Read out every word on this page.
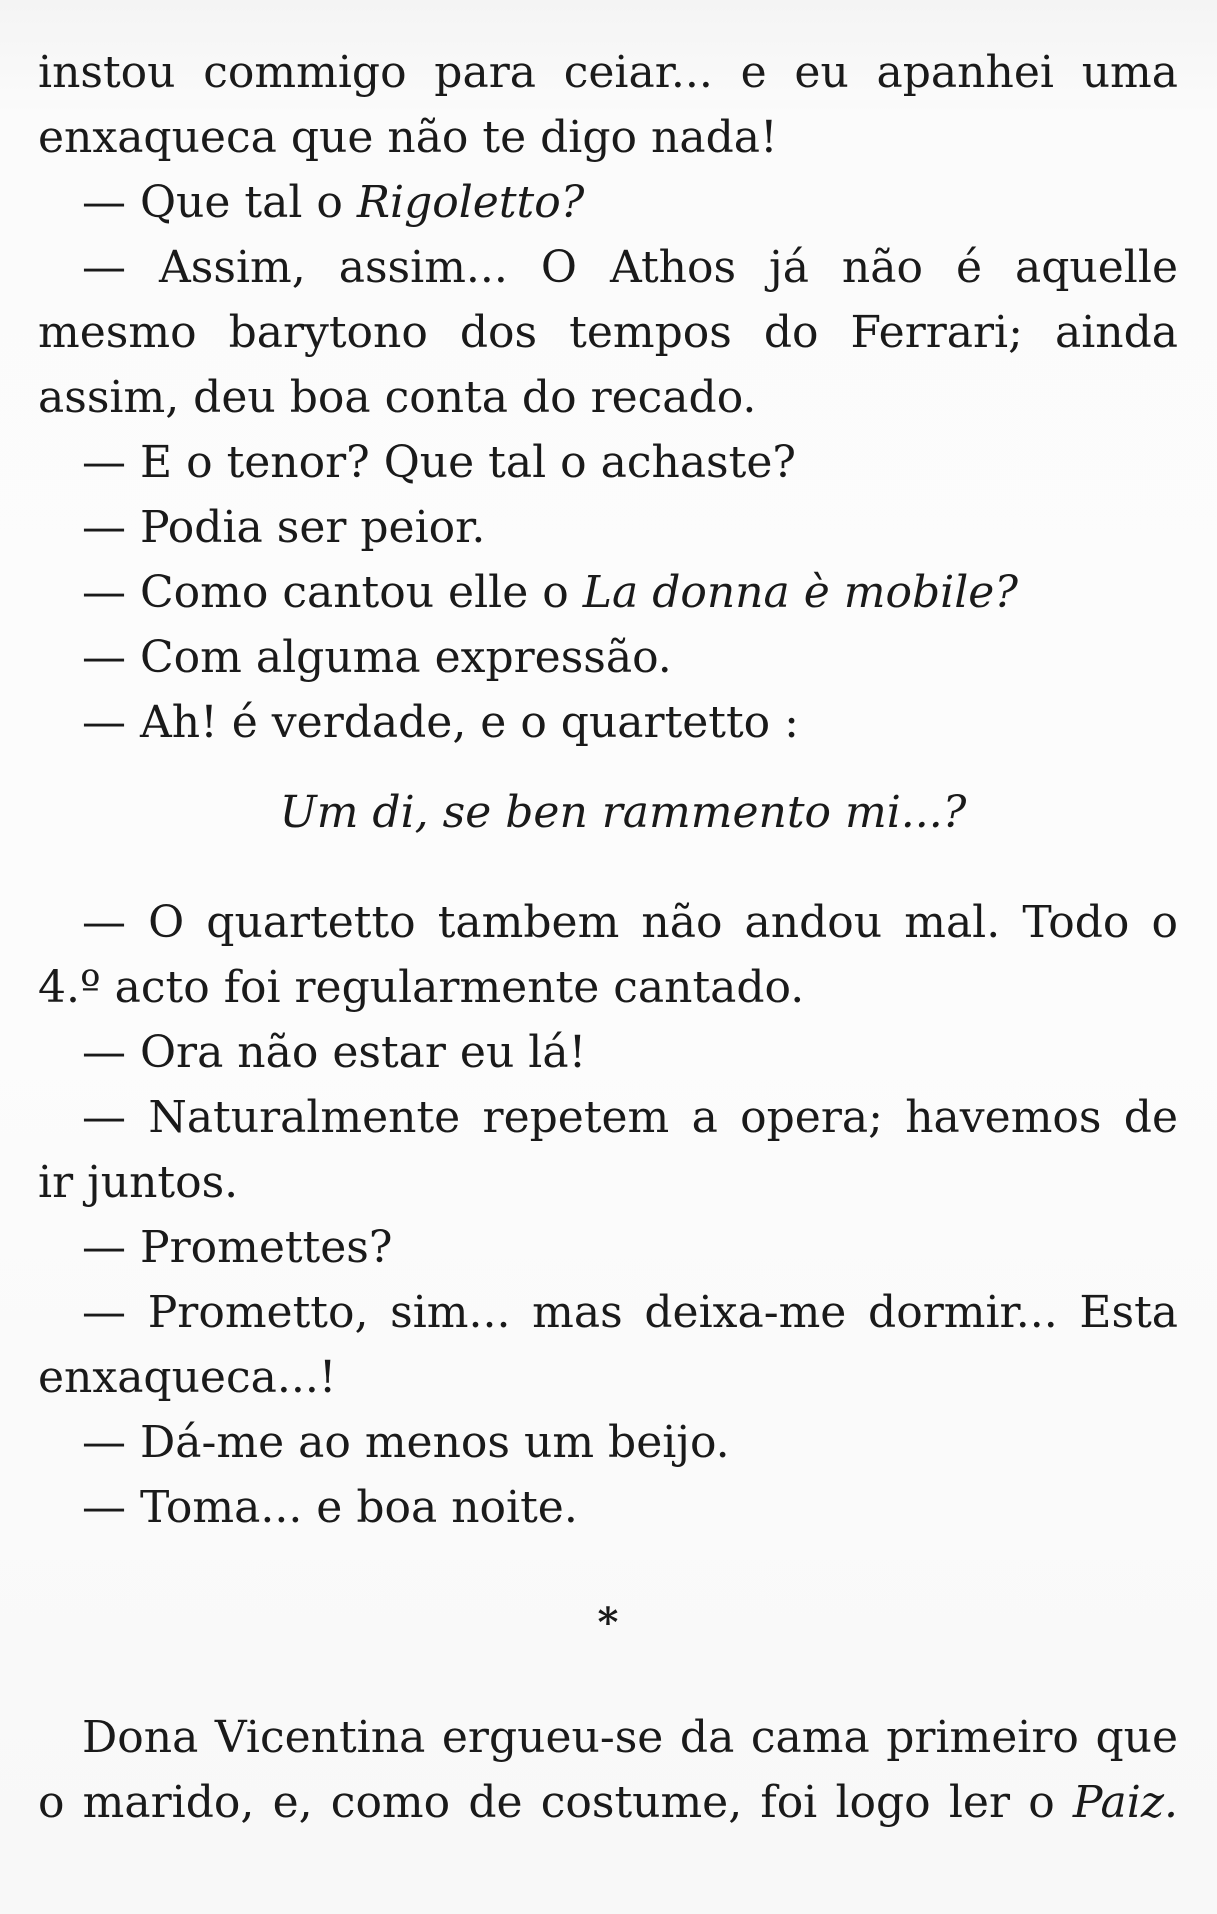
instou commigo para ceiar... e eu apanhei uma
enxaqueca que não te digo nada!
— Que tal o Rigoletto?
— Assim, assim... O Athos já não é aquelle
mesmo barytono dos tempos do Ferrari; ainda
assim, deu boa conta do recado.
— E o tenor? Que tal o achaste?
— Podia ser peior.
— Como cantou elle o La donna è mobile?
— Com alguma expressão.
— Ah! é verdade, e o quartetto :
Um di, se ben rammento mi...?
— O quartetto tambem não andou mal. Todo o
4.º acto foi regularmente cantado.
— Ora não estar eu lá!
— Naturalmente repetem a opera; havemos de
ir juntos.
— Promettes?
— Prometto, sim... mas deixa-me dormir... Esta
enxaqueca...!
— Dá-me ao menos um beijo.
— Toma... e boa noite.
*
Dona Vicentina ergueu-se da cama primeiro que
o marido, e, como de costume, foi logo ler o Paiz.
